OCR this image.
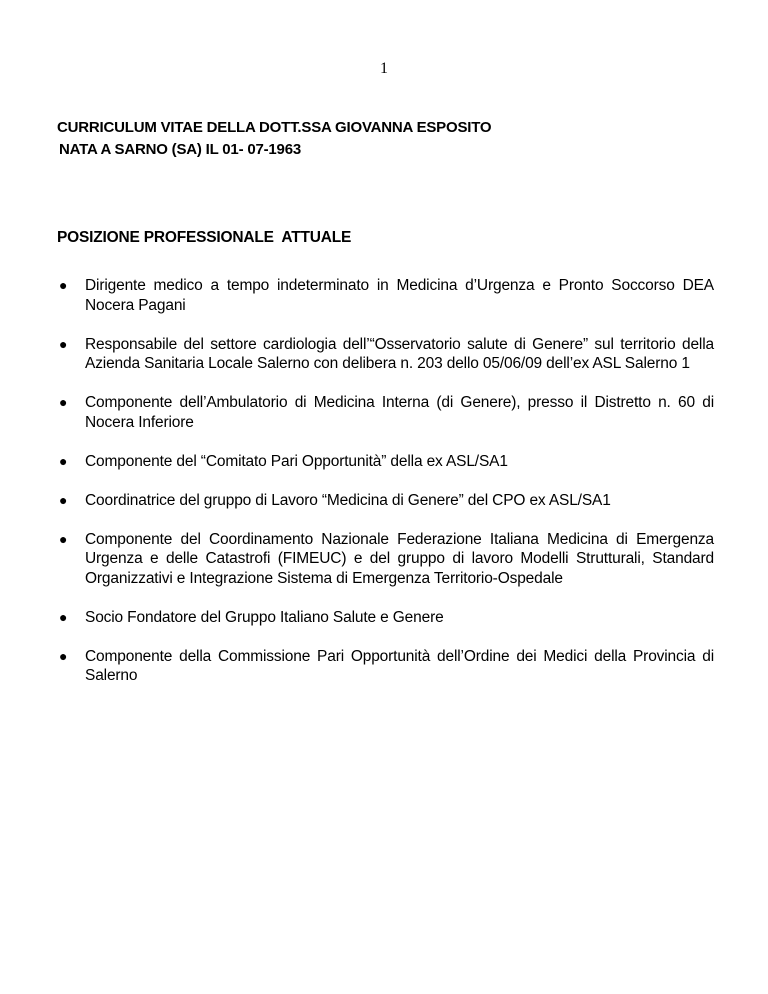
1
CURRICULUM VITAE DELLA DOTT.SSA GIOVANNA ESPOSITO
NATA A SARNO (SA) IL 01- 07-1963
POSIZIONE PROFESSIONALE  ATTUALE
● Dirigente medico a tempo indeterminato in Medicina d’Urgenza e Pronto Soccorso DEA Nocera Pagani
● Responsabile del settore cardiologia dell’“Osservatorio salute di Genere” sul territorio della Azienda Sanitaria Locale Salerno con delibera n. 203 dello 05/06/09 dell’ex ASL Salerno 1
● Componente dell’Ambulatorio di Medicina Interna (di Genere), presso il Distretto n. 60 di Nocera Inferiore
● Componente del “Comitato Pari Opportunità” della ex ASL/SA1
● Coordinatrice del gruppo di Lavoro “Medicina di Genere” del CPO ex ASL/SA1
● Componente del Coordinamento Nazionale Federazione Italiana Medicina di Emergenza Urgenza e delle Catastrofi (FIMEUC) e del gruppo di lavoro Modelli Strutturali, Standard Organizzativi e Integrazione Sistema di Emergenza Territorio-Ospedale
● Socio Fondatore del Gruppo Italiano Salute e Genere
● Componente della Commissione Pari Opportunità dell’Ordine dei Medici della Provincia di Salerno
